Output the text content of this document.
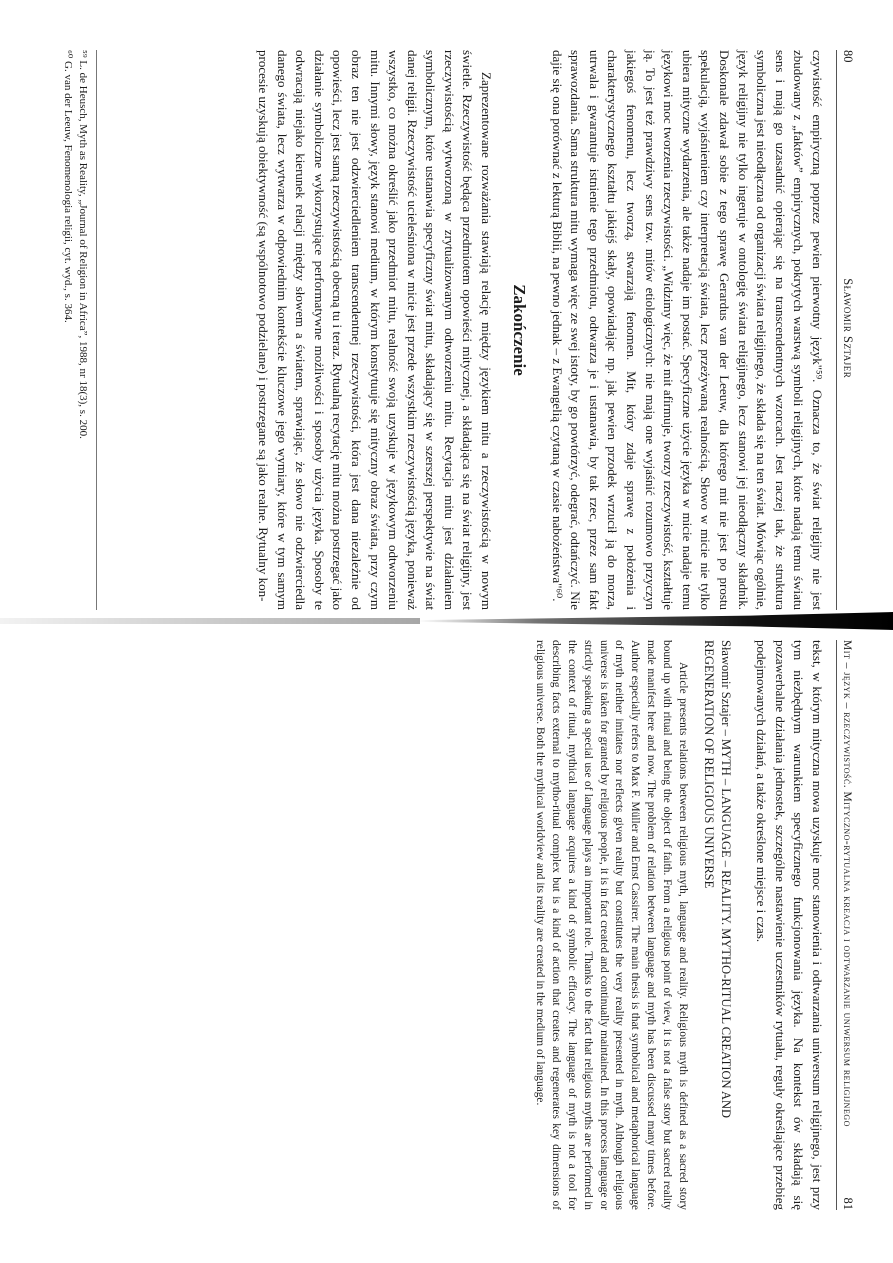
80
Sławomir Sztajer

czywistość empiryczną poprzez pewien pierwotny język"⁵⁹. Oznacza to, że świat religijny nie jest zbudowany z „faktów” empirycznych, pokrytych warstwą symboli religijnych, które nadają temu światu sens i mają go uzasadnić opierając się na transcendentnych wzorcach. Jest raczej tak, że struktura symboliczna jest nieodłączna od organizacji świata religijnego, że składa się na ten świat. Mówiąc ogólnie, język religijny nie tylko ingeruje w ontologię świata religijnego, lecz stanowi jej nieodłączny składnik. Doskonale zdawał sobie z tego sprawę Gerardus van der Leeuw, dla którego mit nie jest po prostu spekulacją, wyjaśnieniem czy interpretacją świata, lecz przeżywaną realnością. Słowo w micie nie tylko ubiera mityczne wydarzenia, ale także nadaje im postać. Specyficzne użycie języka w micie nadaje temu językowi moc tworzenia rzeczywistości. „Widzimy więc, że mit afirmuje, tworzy rzeczywistość, kształtuje ją. To jest też prawdziwy sens tzw. mitów etiologicznych: nie mają one wyjaśnić rozumowo przyczyn jakiegoś fenomenu, lecz tworzą, stwarzają fenomen. Mit, który zdaje sprawę z położenia i charakterystycznego kształtu jakiejś skały, opowiadając np. jak pewien przodek wrzucił ją do morza, utrwala i gwarantuje istnienie tego przedmiotu, odtwarza je i ustanawia, by tak rzec, przez sam fakt sprawozdania. Sama struktura mitu wymaga więc ze swej istoty, by go powtórzyć, odegrać, odtańczyć. Nie dajie się ona porównać z lekturą Biblii, na pewno jednak – z Ewangelią czytaną w czasie nabożeństwa"⁶⁰.

Zakończenie

Zaprezentowane rozważania stawiają relację między językiem mitu a rzeczywistością w nowym świetle. Rzeczywistość będąca przedmiotem opowieści mitycznej, a składająca się na świat religijny, jest rzeczywistością wytworzoną w zrytualizowanym odtworzeniu mitu. Recytacja mitu jest działaniem symbolicznym, które ustanawia specyficzny świat mitu, składający się w szerszej perspektywie na świat danej religii. Rzeczywistość ucieleśniona w micie jest przede wszystkim rzeczywistością języka, ponieważ wszystko, co można określić jako przedmiot mitu, realność swoją uzyskuje w językowym odtworzeniu mitu. Innymi słowy, język stanowi medium, w którym konstytuuje się mityczny obraz świata, przy czym obraz ten nie jest odzwierciedleniem transcendentnej rzeczywistości, która jest dana niezależnie od opowieści, lecz jest samą rzeczywistością obecną tu i teraz. Rytualną recytację mitu można postrzegać jako działanie symboliczne wykorzystujące performatywne możliwości i sposoby użycia języka. Sposoby te odwracają niejako kierunek relacji między słowem a światem, sprawiając, że słowo nie odzwierciedla danego świata, lecz wytwarza w odpowiednim kontekście kluczowe jego wymiary, które w tym samym procesie uzyskują obiektywność (są wspólnotowo podzielane) i postrzegane są jako realne. Rytualny kon-

⁵⁹ L. de Heusch, Myth as Reality, „Journal of Religion in Africa”, 1988, nr 18(3), s. 200.
⁶⁰ G. van der Leeuw, Fenomenologia religii, cyt. wyd., s. 364.
Mit – język – rzeczywistość. Mityczno-rytualna kreacja i odtwarzanie uniwersum religijnego
81

tekst, w którym mityczna mowa uzyskuje moc stanowienia i odtwarzania uniwersum religijnego, jest przy tym niezbędnym warunkiem specyficznego funkcjonowania języka. Na kontekst ów składają się pozawerbalne działania jednostek, szczególne nastawienie uczestników rytuału, reguły określające przebieg podejmowanych działań, a także określone miejsce i czas.

Sławomir Sztajer – MYTH – LANGUAGE – REALITY. MYTHO-RITUAL CREATION AND REGENERATION OF RELIGIOUS UNIVERSE

Article presents relations between religious myth, language and reality. Religious myth is defined as a sacred story bound up with ritual and being the object of faith. From a religious point of view, it is not a false story but sacred reality made manifest here and now. The problem of relation between language and myth has been discussed many times before. Author especially refers to Max F. Müller and Ernst Cassirer. The main thesis is that symbolical and metaphorical language of myth neither imitates nor reflects given reality but constitutes the very reality presented in myth. Although religious universe is taken for granted by religious people, it is in fact created and continually maintained. In this process language or strictly speaking a special use of language plays an important role. Thanks to the fact that religious myths are performed in the context of ritual, mythical language acquires a kind of symbolic efficacy. The language of myth is not a tool for describing facts external to mytho-ritual complex but is a kind of action that creates and regenerates key dimensions of religious universe. Both the mythical worldview and its reality are created in the medium of language.
